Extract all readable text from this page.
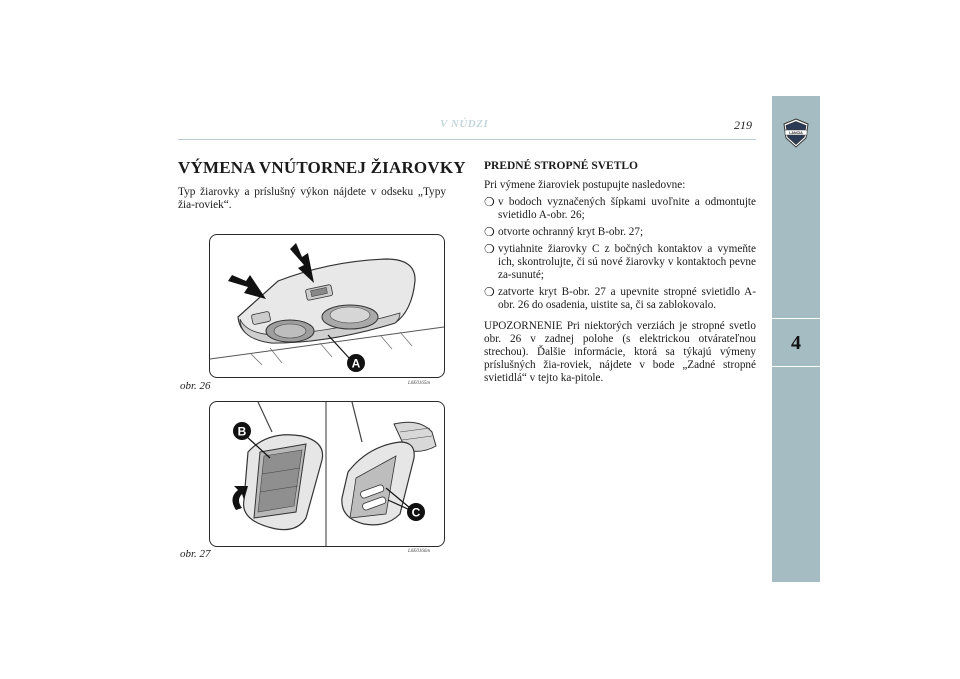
V NÚDZI	219
LANCIA
4
VÝMENA VNÚTORNEJ ŽIAROVKY

Typ žiarovky a príslušný výkon nájdete v odseku „Typy žia-roviek“.

A
obr. 26	L0E0165m
B
C
obr. 27	L0E0166m
PREDNÉ STROPNÉ SVETLO

Pri výmene žiaroviek postupujte nasledovne:

❍ v bodoch vyznačených šípkami uvoľnite a odmontujte svietidlo A-obr. 26;
❍ otvorte ochranný kryt B-obr. 27;
❍ vytiahnite žiarovky C z bočných kontaktov a vymeňte ich, skontrolujte, či sú nové žiarovky v kontaktoch pevne za-sunuté;
❍ zatvorte kryt B-obr. 27 a upevnite stropné svietidlo A-obr. 26 do osadenia, uistite sa, či sa zablokovalo.

UPOZORNENIE Pri niektorých verziách je stropné svetlo obr. 26 v zadnej polohe (s elektrickou otvárateľnou strechou). Ďalšie informácie, ktorá sa týkajú výmeny príslušných žia-roviek, nájdete v bode „Zadné stropné svietidlá“ v tejto ka-pitole.
